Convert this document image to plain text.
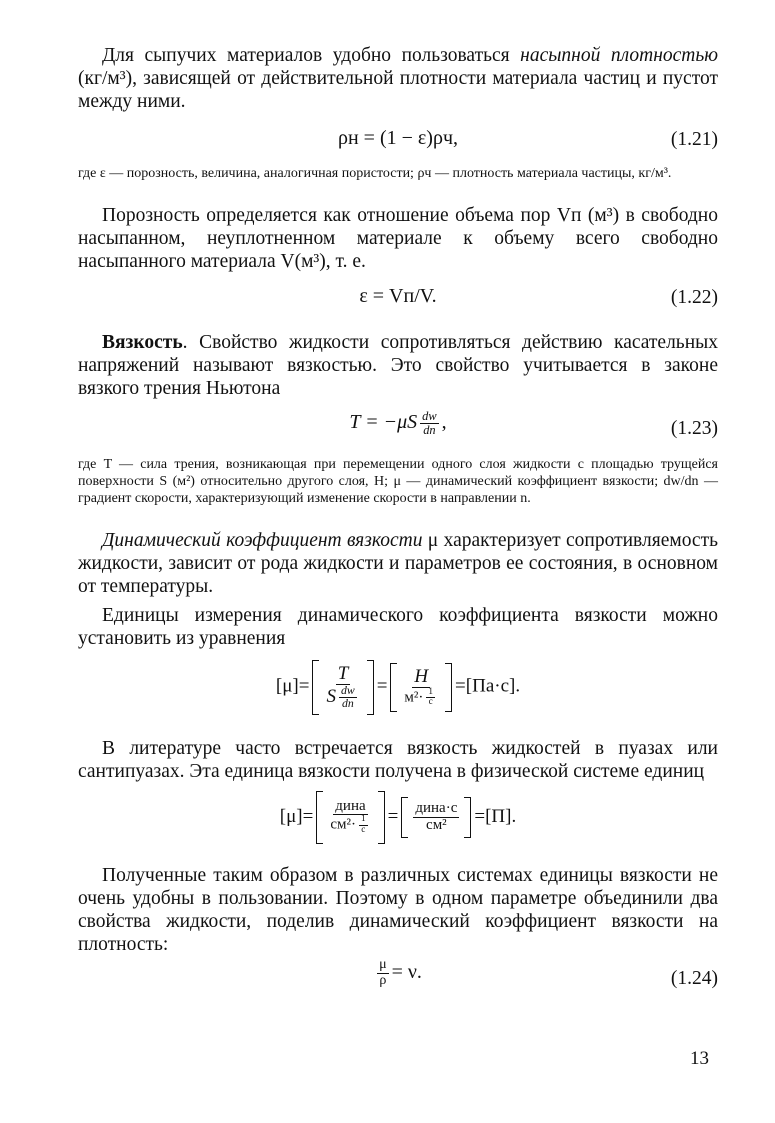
Для сыпучих материалов удобно пользоваться насыпной плотностью (кг/м³), зависящей от действительной плотности материала частиц и пустот между ними.

ρн = (1 − ε)ρч,	(1.21)

где ε — порозность, величина, аналогичная пористости; ρч — плотность материала частицы, кг/м³.

Порозность определяется как отношение объема пор Vп (м³) в свободно насыпанном, неуплотненном материале к объему всего свободно насыпанного материала V(м³), т. е.

ε = Vп/V.	(1.22)

Вязкость. Свойство жидкости сопротивляться действию касательных напряжений называют вязкостью. Это свойство учитывается в законе вязкого трения Ньютона

$T = -\mu S \frac{dw}{dn}$ ,	(1.23)

где T — сила трения, возникающая при перемещении одного слоя жидкости с площадью трущейся поверхности S (м²) относительно другого слоя, Н; μ — динамический коэффициент вязкости; dw/dn — градиент скорости, характеризующий изменение скорости в направлении n.

Динамический коэффициент вязкости μ характеризует сопротивляемость жидкости, зависит от рода жидкости и параметров ее состояния, в основном от температуры.

Единицы измерения динамического коэффициента вязкости можно установить из уравнения

$[\mu]= \frac{T}{S \frac{dw}{dn}} = \frac{H}{м^2\cdot \frac{1}{с}} =[Па\cdot с]$.

В литературе часто встречается вязкость жидкостей в пуазах или сантипуазах. Эта единица вязкости получена в физической системе единиц

$[\mu]= \frac{\text{дина}}{см^2\cdot \frac{1}{с}} = \frac{\text{дина·с}}{\text{см²}} =[П]$.

Полученные таким образом в различных системах единицы вязкости не очень удобны в пользовании. Поэтому в одном параметре объединили два свойства жидкости, поделив динамический коэффициент вязкости на плотность:

$\frac{\mu}{\rho} = \nu$.	(1.24)
13
